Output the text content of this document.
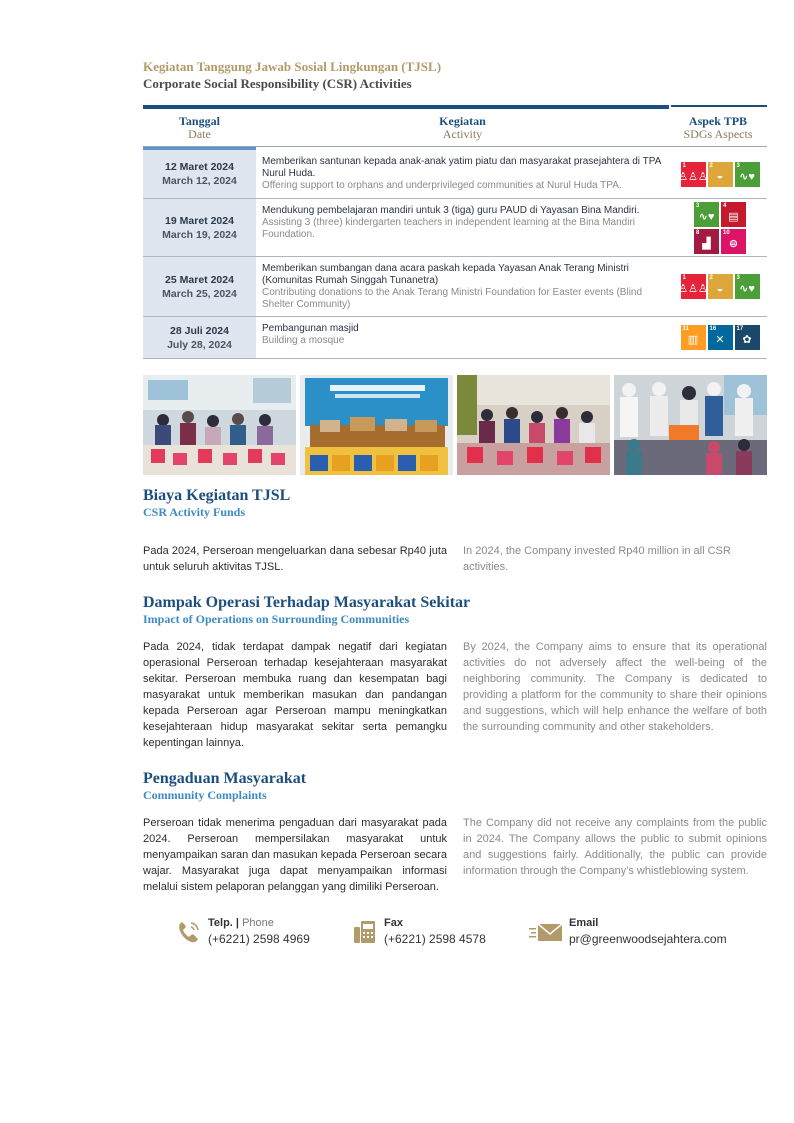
Kegiatan Tanggung Jawab Sosial Lingkungan (TJSL)
Corporate Social Responsibility (CSR) Activities
Tanggal
Date
Kegiatan
Activity
Aspek TPB
SDGs Aspects
12 Maret 2024
March 12, 2024
Memberikan santunan kepada anak-anak yatim piatu dan masyarakat prasejahtera di TPA Nurul Huda.
Offering support to orphans and underprivileged communities at Nurul Huda TPA.
1
♙♙♙
2
◒
3
∿♥
19 Maret 2024
March 19, 2024
Mendukung pembelajaran mandiri untuk 3 (tiga) guru PAUD di Yayasan Bina Mandiri.
Assisting 3 (three) kindergarten teachers in independent learning at the Bina Mandiri Foundation.
3
∿♥
4
▤
8
▟
10
⊜
25 Maret 2024
March 25, 2024
Memberikan sumbangan dana acara paskah kepada Yayasan Anak Terang Ministri (Komunitas Rumah Singgah Tunanetra)
Contributing donations to the Anak Terang Ministri Foundation for Easter events (Blind Shelter Community)
1
♙♙♙
2
◒
3
∿♥
28 Juli 2024
July 28, 2024
Pembangunan masjid
Building a mosque
11
▥
16
✕
17
✿
Biaya Kegiatan TJSL
CSR Activity Funds
Pada 2024, Perseroan mengeluarkan dana sebesar Rp40 juta untuk seluruh aktivitas TJSL.
In 2024, the Company invested Rp40 million in all CSR activities.
Dampak Operasi Terhadap Masyarakat Sekitar
Impact of Operations on Surrounding Communities
Pada 2024, tidak terdapat dampak negatif dari kegiatan operasional Perseroan terhadap kesejahteraan masyarakat sekitar. Perseroan membuka ruang dan kesempatan bagi masyarakat untuk memberikan masukan dan pandangan kepada Perseroan agar Perseroan mampu meningkatkan kesejahteraan hidup masyarakat sekitar serta pemangku kepentingan lainnya.
By 2024, the Company aims to ensure that its operational activities do not adversely affect the well-being of the neighboring community. The Company is dedicated to providing a platform for the community to share their opinions and suggestions, which will help enhance the welfare of both the surrounding community and other stakeholders.
Pengaduan Masyarakat
Community Complaints
Perseroan tidak menerima pengaduan dari masyarakat pada 2024. Perseroan mempersilakan masyarakat untuk menyampaikan saran dan masukan kepada Perseroan secara wajar. Masyarakat juga dapat menyampaikan informasi melalui sistem pelaporan pelanggan yang dimiliki Perseroan.
The Company did not receive any complaints from the public in 2024. The Company allows the public to submit opinions and suggestions fairly. Additionally, the public can provide information through the Company's whistleblowing system.
Telp. | Phone
(+6221) 2598 4969
Fax
(+6221) 2598 4578
Email
pr@greenwoodsejahtera.com
